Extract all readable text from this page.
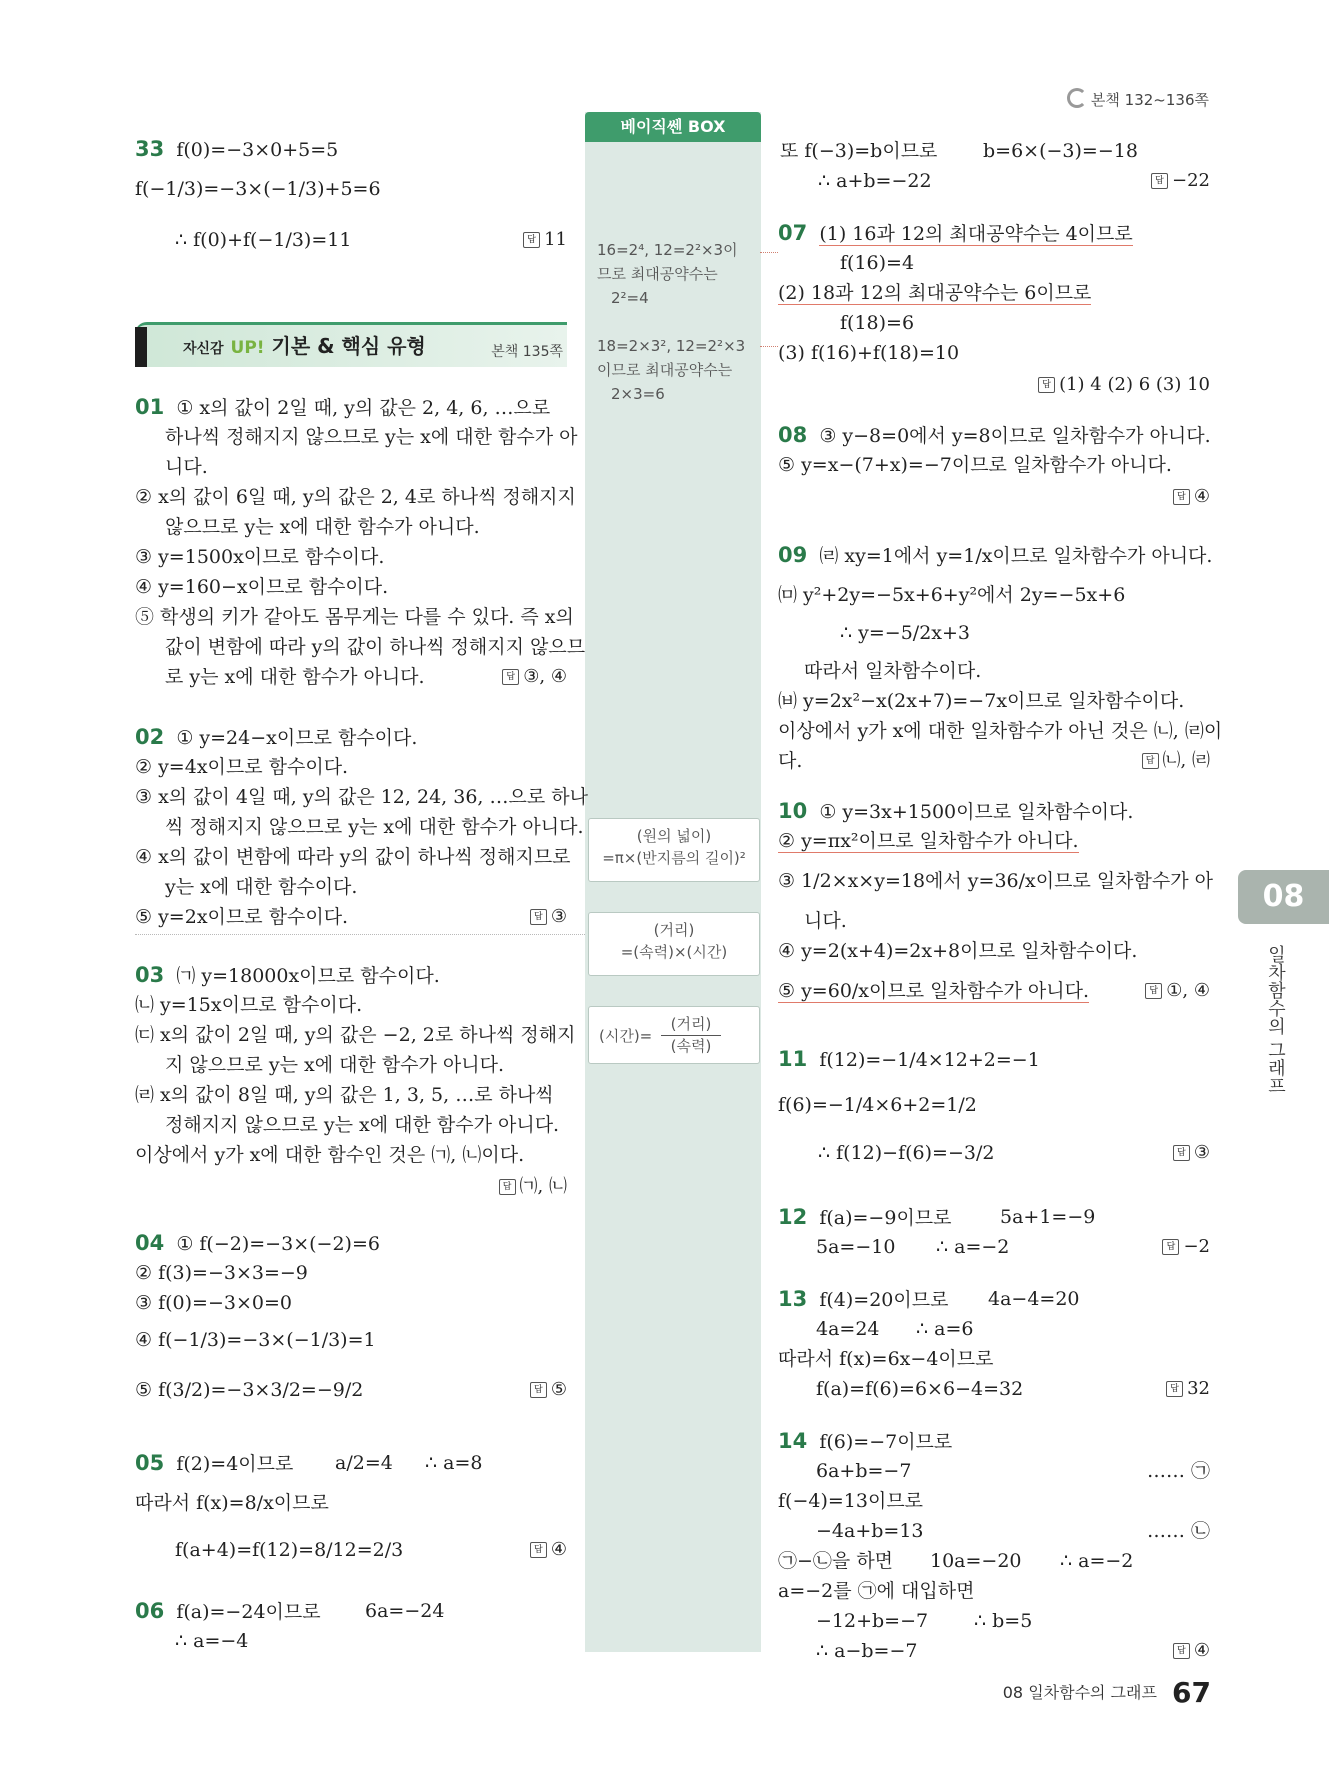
본책 132~136쪽
베이직쎈 BOX
16=2⁴, 12=2²×3이
므로 최대공약수는
2²=4
18=2×3², 12=2²×3
이므로 최대공약수는
2×3=6
(원의 넓이)
=π×(반지름의 길이)²
(거리)
=(속력)×(시간)
(시간)=
(거리)
(속력)
33 f(0)=−3×0+5=5
f(−1/3)=−3×(−1/3)+5=6
∴ f(0)+f(−1/3)=11	답 11
자신감 UP! 기본 & 핵심 유형	본책 135쪽
01 ① x의 값이 2일 때, y의 값은 2, 4, 6, …으로
하나씩 정해지지 않으므로 y는 x에 대한 함수가 아
니다.
② x의 값이 6일 때, y의 값은 2, 4로 하나씩 정해지지
않으므로 y는 x에 대한 함수가 아니다.
③ y=1500x이므로 함수이다.
④ y=160−x이므로 함수이다.
⑤ 학생의 키가 같아도 몸무게는 다를 수 있다. 즉 x의
값이 변함에 따라 y의 값이 하나씩 정해지지 않으므
로 y는 x에 대한 함수가 아니다.	답 ③, ④
02 ① y=24−x이므로 함수이다.
② y=4x이므로 함수이다.
③ x의 값이 4일 때, y의 값은 12, 24, 36, …으로 하나
씩 정해지지 않으므로 y는 x에 대한 함수가 아니다.
④ x의 값이 변함에 따라 y의 값이 하나씩 정해지므로
y는 x에 대한 함수이다.
⑤ y=2x이므로 함수이다.	답 ③
03 ㈀ y=18000x이므로 함수이다.
㈁ y=15x이므로 함수이다.
㈂ x의 값이 2일 때, y의 값은 −2, 2로 하나씩 정해지
지 않으므로 y는 x에 대한 함수가 아니다.
㈃ x의 값이 8일 때, y의 값은 1, 3, 5, …로 하나씩
정해지지 않으므로 y는 x에 대한 함수가 아니다.
이상에서 y가 x에 대한 함수인 것은 ㈀, ㈁이다.
답 ㈀, ㈁
04 ① f(−2)=−3×(−2)=6
② f(3)=−3×3=−9
③ f(0)=−3×0=0
④ f(−1/3)=−3×(−1/3)=1
⑤ f(3/2)=−3×3/2=−9/2	답 ⑤
05 f(2)=4이므로 a/2=4 ∴ a=8
따라서 f(x)=8/x이므로
f(a+4)=f(12)=8/12=2/3	답 ④
06 f(a)=−24이므로 6a=−24
∴ a=−4
또 f(−3)=b이므로 b=6×(−3)=−18
∴ a+b=−22	답 −22
07 (1) 16과 12의 최대공약수는 4이므로
f(16)=4
(2) 18과 12의 최대공약수는 6이므로
f(18)=6
(3) f(16)+f(18)=10
답 (1) 4 (2) 6 (3) 10
08 ③ y−8=0에서 y=8이므로 일차함수가 아니다.
⑤ y=x−(7+x)=−7이므로 일차함수가 아니다.
답 ④
09 ㈃ xy=1에서 y=1/x이므로 일차함수가 아니다.
㈄ y²+2y=−5x+6+y²에서 2y=−5x+6
∴ y=−5/2x+3
따라서 일차함수이다.
㈅ y=2x²−x(2x+7)=−7x이므로 일차함수이다.
이상에서 y가 x에 대한 일차함수가 아닌 것은 ㈁, ㈃이
다.	답 ㈁, ㈃
10 ① y=3x+1500이므로 일차함수이다.
② y=πx²이므로 일차함수가 아니다.
③ 1/2×x×y=18에서 y=36/x이므로 일차함수가 아
니다.
④ y=2(x+4)=2x+8이므로 일차함수이다.
⑤ y=60/x이므로 일차함수가 아니다.	답 ①, ④
11 f(12)=−1/4×12+2=−1
f(6)=−1/4×6+2=1/2
∴ f(12)−f(6)=−3/2	답 ③
12 f(a)=−9이므로	5a+1=−9
5a=−10 ∴ a=−2	답 −2
13 f(4)=20이므로 4a−4=20
4a=24 ∴ a=6
따라서 f(x)=6x−4이므로
f(a)=f(6)=6×6−4=32	답 32
14 f(6)=−7이므로
6a+b=−7	…… ㉠
f(−4)=13이므로
−4a+b=13	…… ㉡
㉠−㉡을 하면 10a=−20 ∴ a=−2
a=−2를 ㉠에 대입하면
−12+b=−7 ∴ b=5
∴ a−b=−7	답 ④
08
일차함수의 그래프
08 일차함수의 그래프 67
